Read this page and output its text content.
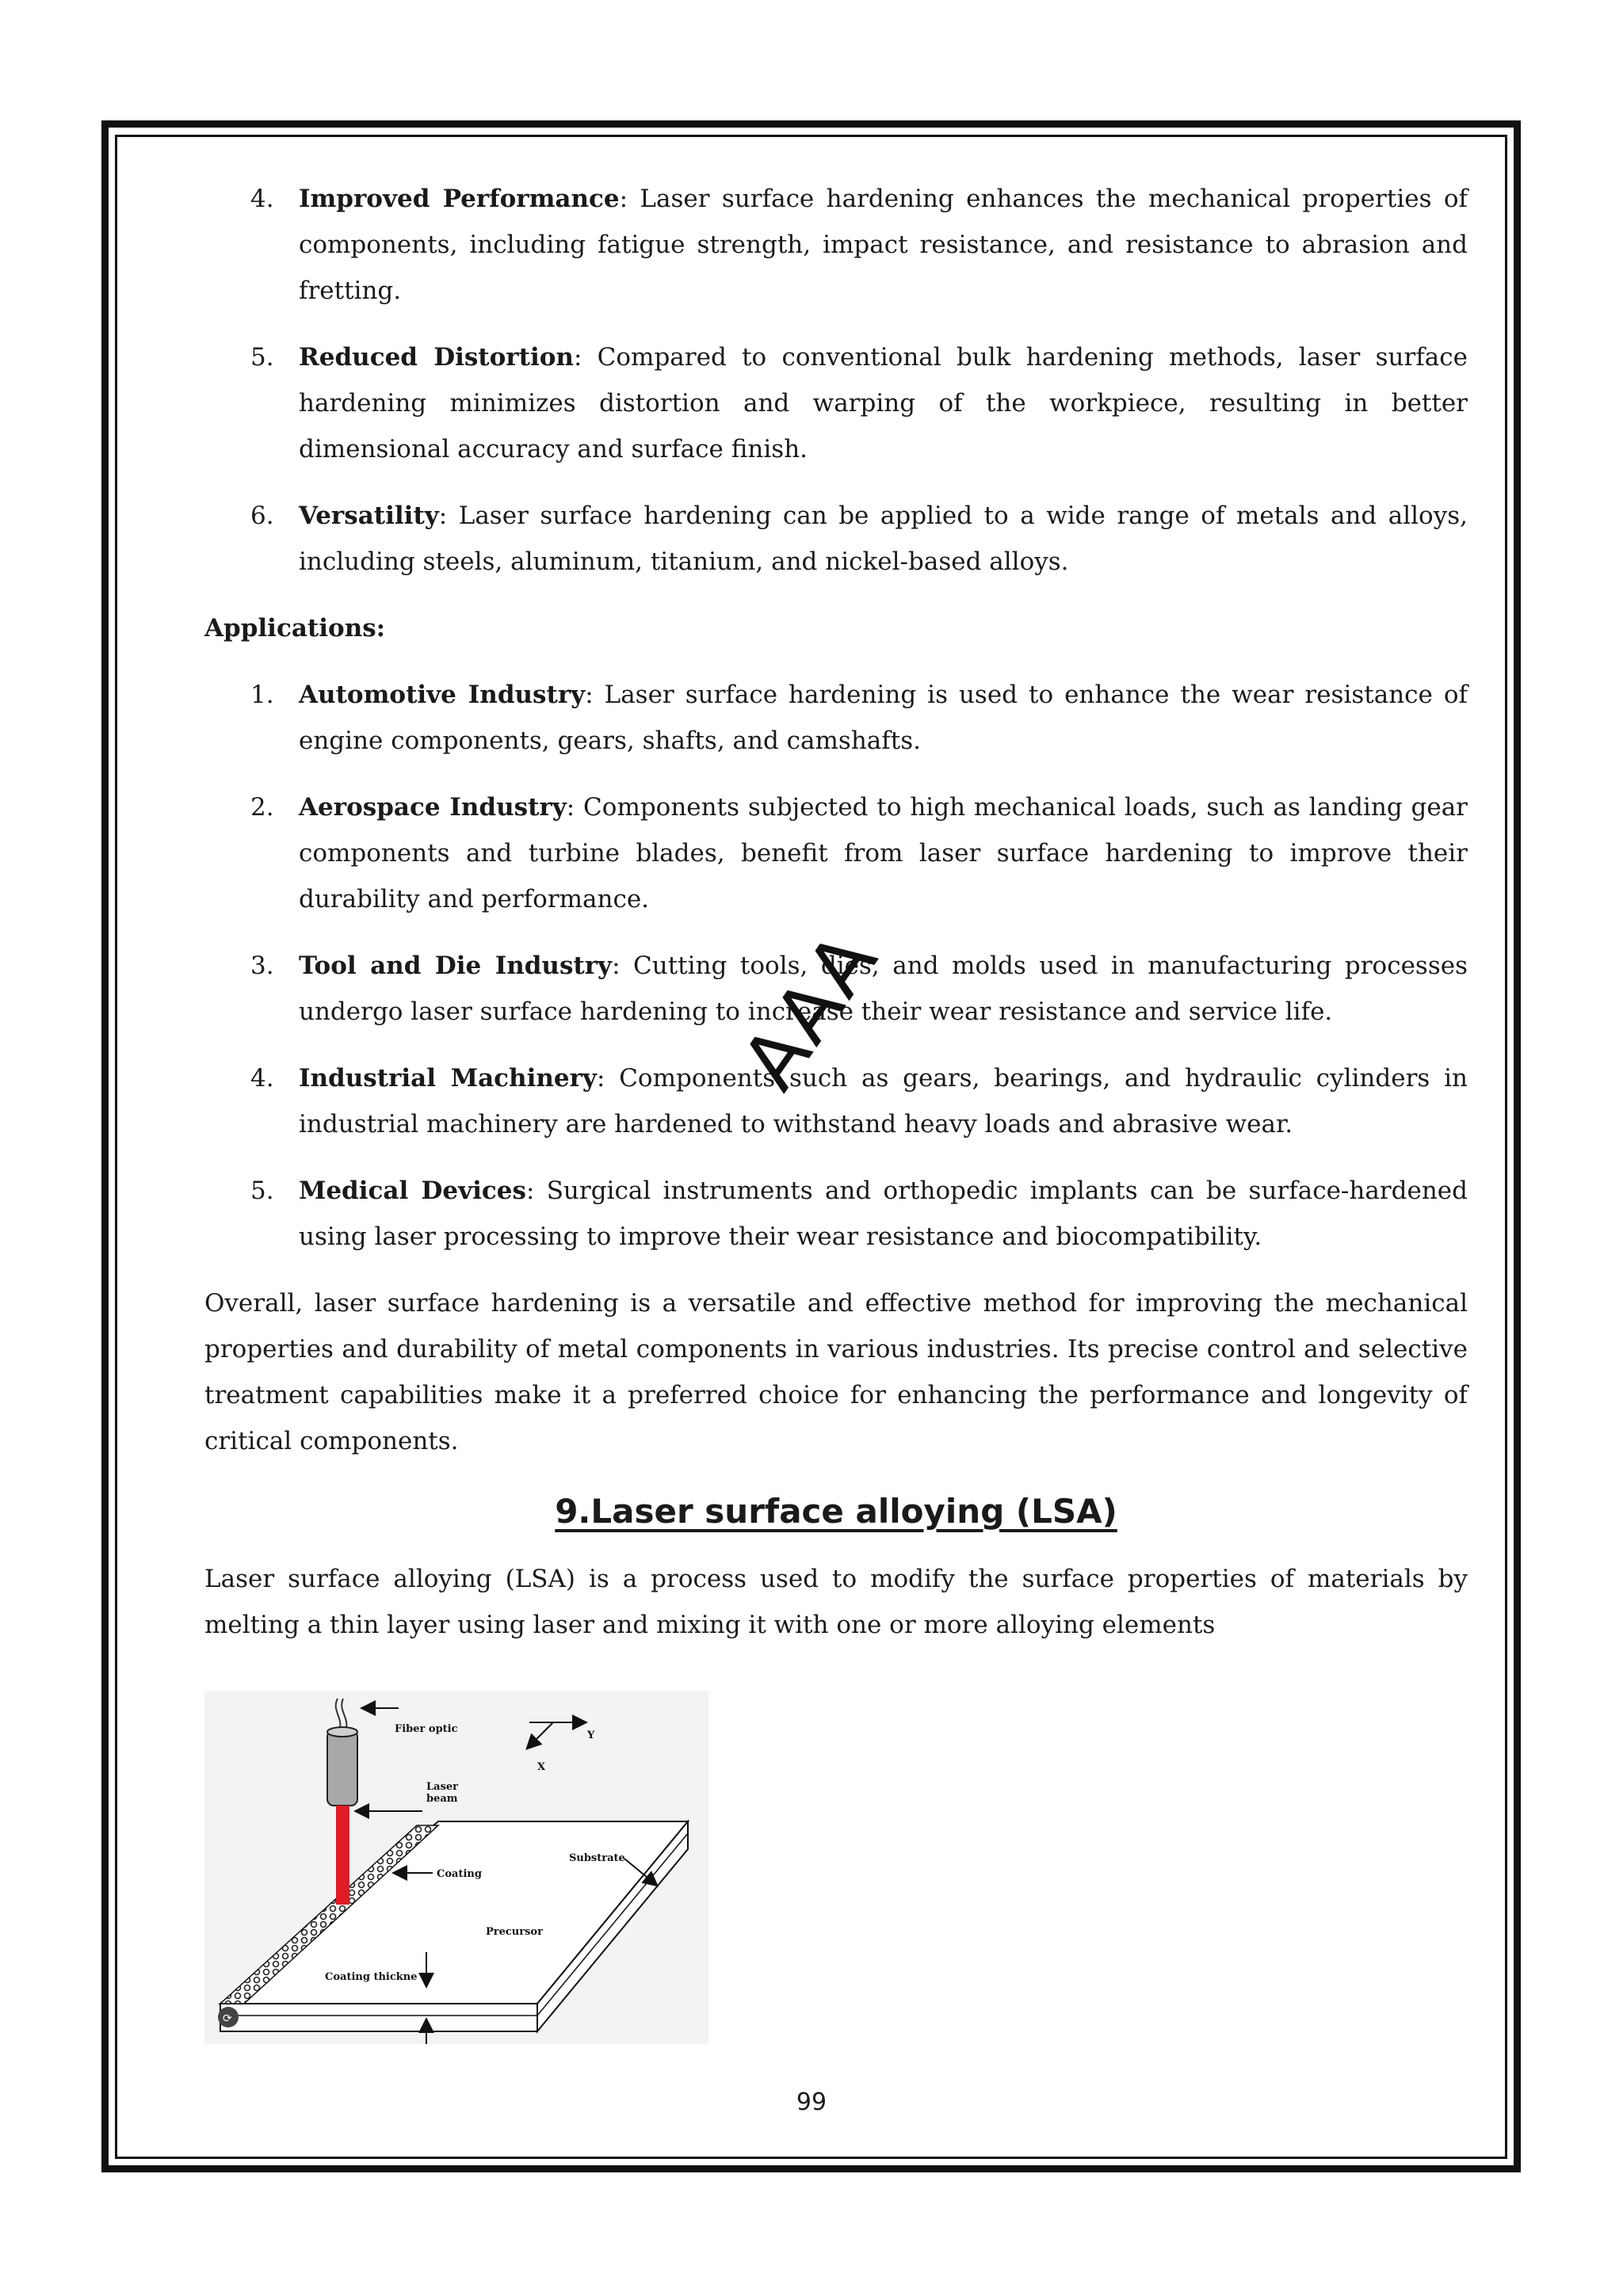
4. Improved Performance: Laser surface hardening enhances the mechanical properties of components, including fatigue strength, impact resistance, and resistance to abrasion and fretting.
5. Reduced Distortion: Compared to conventional bulk hardening methods, laser surface hardening minimizes distortion and warping of the workpiece, resulting in better dimensional accuracy and surface finish.
6. Versatility: Laser surface hardening can be applied to a wide range of metals and alloys, including steels, aluminum, titanium, and nickel-based alloys.
Applications:
1. Automotive Industry: Laser surface hardening is used to enhance the wear resistance of engine components, gears, shafts, and camshafts.
2. Aerospace Industry: Components subjected to high mechanical loads, such as landing gear components and turbine blades, benefit from laser surface hardening to improve their durability and performance.
3. Tool and Die Industry: Cutting tools, dies, and molds used in manufacturing processes undergo laser surface hardening to increase their wear resistance and service life.
4. Industrial Machinery: Components such as gears, bearings, and hydraulic cylinders in industrial machinery are hardened to withstand heavy loads and abrasive wear.
5. Medical Devices: Surgical instruments and orthopedic implants can be surface-hardened using laser processing to improve their wear resistance and biocompatibility.

Overall, laser surface hardening is a versatile and effective method for improving the mechanical properties and durability of metal components in various industries. Its precise control and selective treatment capabilities make it a preferred choice for enhancing the performance and longevity of critical components.

9.Laser surface alloying (LSA)

Laser surface alloying (LSA) is a process used to modify the surface properties of materials by melting a thin layer using laser and mixing it with one or more alloying elements

Fiber optic
Laser
beam
Coating
Substrate
Precursor
Coating thickne
Y
X
⟳
AAA
99
